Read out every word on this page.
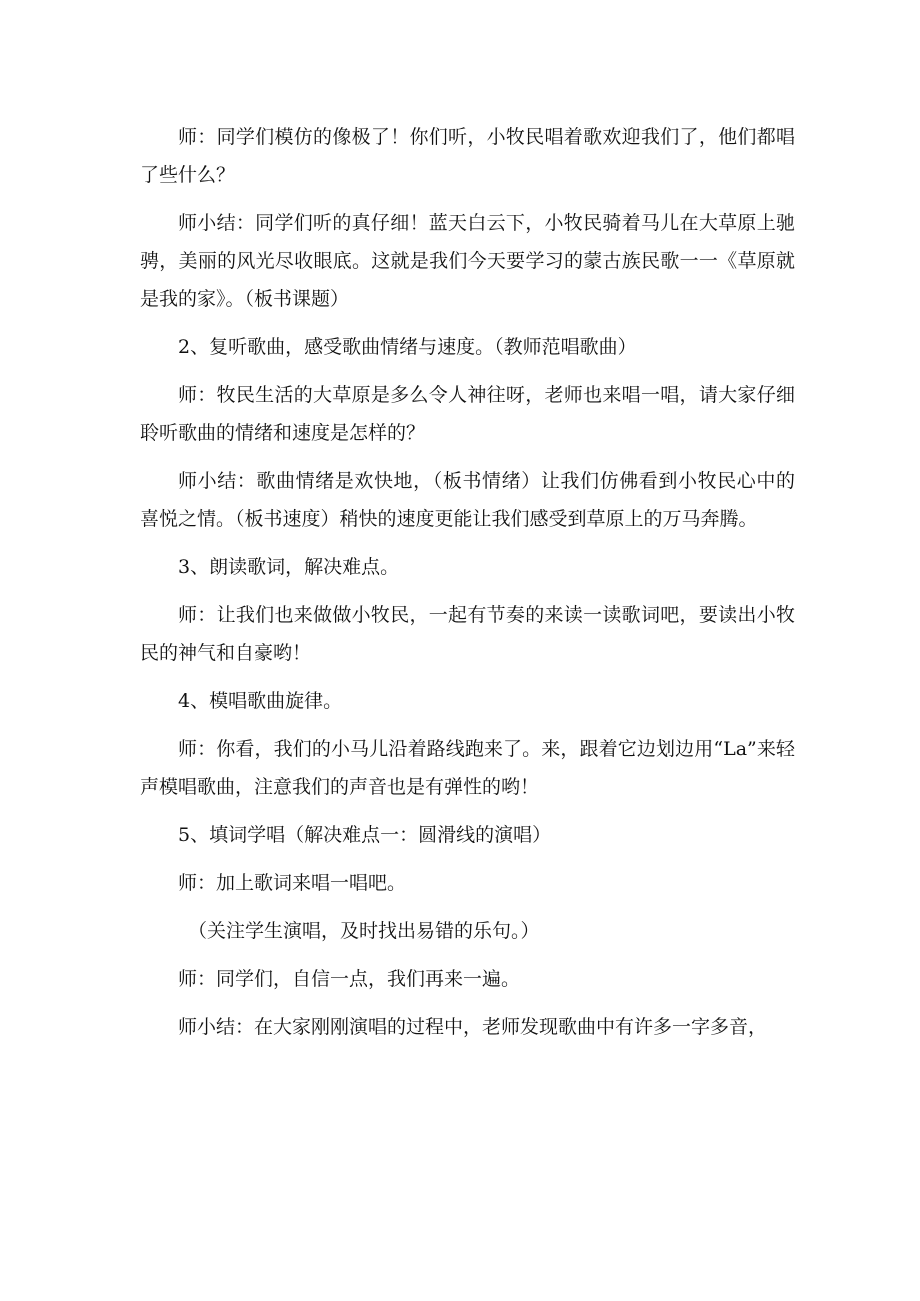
师：同学们模仿的像极了！你们听，小牧民唱着歌欢迎我们了，他们都唱了些什么？

师小结：同学们听的真仔细！蓝天白云下，小牧民骑着马儿在大草原上驰骋，美丽的风光尽收眼底。这就是我们今天要学习的蒙古族民歌一一《草原就是我的家》。（板书课题）

2、复听歌曲，感受歌曲情绪与速度。（教师范唱歌曲）

师：牧民生活的大草原是多么令人神往呀，老师也来唱一唱，请大家仔细聆听歌曲的情绪和速度是怎样的？

师小结：歌曲情绪是欢快地，（板书情绪）让我们仿佛看到小牧民心中的喜悦之情。（板书速度）稍快的速度更能让我们感受到草原上的万马奔腾。

3、朗读歌词，解决难点。

师：让我们也来做做小牧民，一起有节奏的来读一读歌词吧，要读出小牧民的神气和自豪哟！

4、模唱歌曲旋律。

师：你看，我们的小马儿沿着路线跑来了。来，跟着它边划边用“La”来轻声模唱歌曲，注意我们的声音也是有弹性的哟！

5、填词学唱（解决难点一：圆滑线的演唱）

师：加上歌词来唱一唱吧。

（关注学生演唱，及时找出易错的乐句。）

师：同学们，自信一点，我们再来一遍。

师小结：在大家刚刚演唱的过程中，老师发现歌曲中有许多一字多音，
